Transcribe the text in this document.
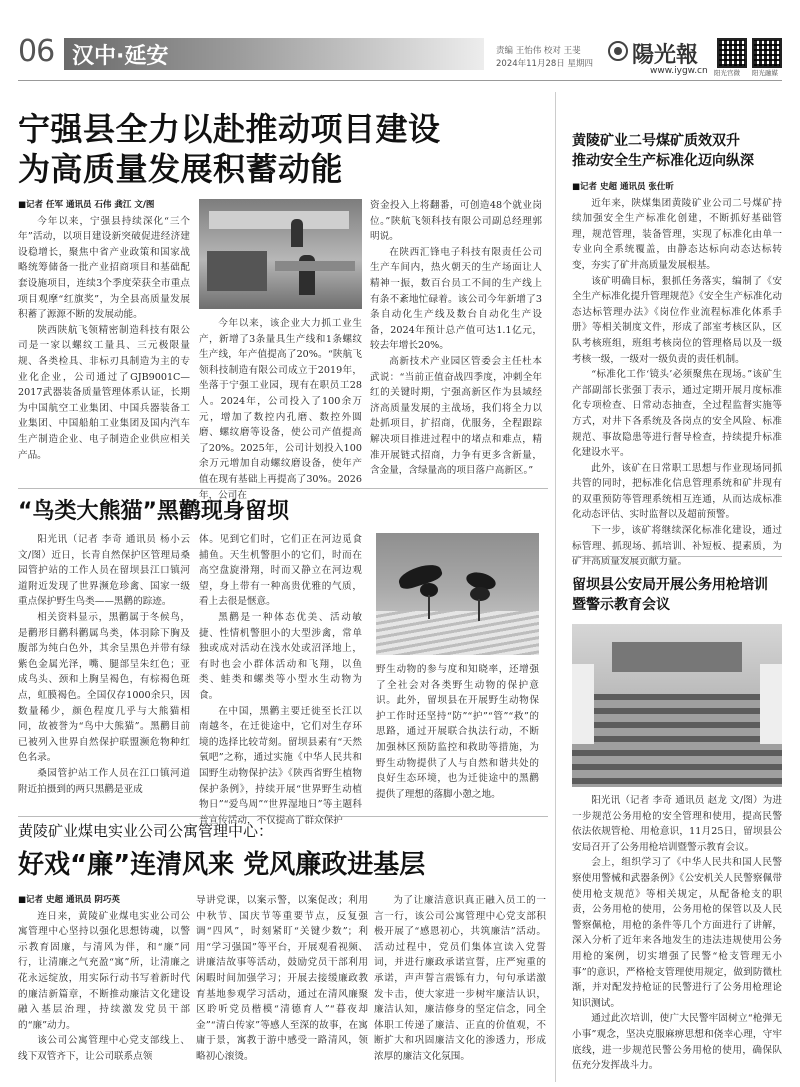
06 汉中·延安	责编 王怡伟 校对 王斐
2024年11月28日 星期四 陽光報
www.iygw.cn 阳光官微 阳光融媒
宁强县全力以赴推动项目建设
为高质量发展积蓄动能

■记者 任军 通讯员 石伟 龚江 文/图

今年以来，宁强县持续深化“三个年”活动，以项目建设新突破促进经济建设稳增长，聚焦中省产业政策和国家战略统筹储备一批产业招商项目和基础配套设施项目，连续3个季度荣获全市重点项目观摩“红旗奖”，为全县高质量发展积蓄了源源不断的发展动能。

陕西陕航飞领精密制造科技有限公司是一家以螺纹工量具、三元极限量规、各类检具、非标刃具制造为主的专业化企业，公司通过了GJB9001C—2017武器装备质量管理体系认证，长期为中国航空工业集团、中国兵器装备工业集团、中国船舶工业集团及国内汽车生产制造企业、电子制造企业供应相关产品。

今年以来，该企业大力抓工业生产，新增了3条量具生产线和1条螺纹生产线，年产值提高了20%。“陕航飞领科技制造有限公司成立于2019年，坐落于宁强工业园，现有在职员工28人。2024年，公司投入了100余万元，增加了数控内孔磨、数控外圆磨、螺纹磨等设备，使公司产值提高了20%。2025年，公司计划投入100余万元增加自动螺纹磨设备，使年产值在现有基础上再提高了30%。2026年，公司在

资金投入上将翻番，可创造48个就业岗位。”陕航飞领科技有限公司副总经理郭明说。

在陕西汇锋电子科技有限责任公司生产车间内，热火朝天的生产场面让人精神一振，数百台员工不间的生产线上有条不紊地忙碌着。该公司今年新增了3条自动化生产线及数台自动化生产设备，2024年预计总产值可达1.1亿元，较去年增长20%。

高新技术产业园区管委会主任杜本武说：“当前正值奋战四季度，冲刺全年红的关键时期，宁强高新区作为县域经济高质量发展的主战场，我们将全力以赴抓项目，扩招商，优服务，全程跟踪解决项目推进过程中的堵点和难点，精准开展链式招商，力争有更多含新量，含金量，含绿量高的项目落户高新区。”

“鸟类大熊猫”黑鹳现身留坝

阳光讯（记者 李奇 通讯员 杨小云 文/图）近日，长青自然保护区管理局桑园管护站的工作人员在留坝县江口镇河道附近发现了世界濒危珍禽、国家一级重点保护野生鸟类——黑鹳的踪迹。

相关资料显示，黑鹳属于冬候鸟，是鹳形目鹳科鹳属鸟类，体羽除下胸及腹部为纯白色外，其余呈黑色并带有绿紫色金属光泽，嘴、腿部呈朱红色；亚成鸟头、颈和上胸呈褐色，有棕褐色斑点，虹膜褐色。全国仅存1000余只，因数量稀少，颜色程度几乎与大熊猫相同，故被誉为“鸟中大熊猫”。黑鹳目前已被列入世界自然保护联盟濒危物种红色名录。

桑园管护站工作人员在江口镇河道附近拍摄到的两只黑鹳是亚成

体。见到它们时，它们正在河边觅食捕鱼。天生机警胆小的它们，时而在高空盘旋滑翔，时而又静立在河边观望，身上带有一种高贵优雅的气质，看上去很是惬意。

黑鹳是一种体态优美、活动敏捷、性情机警胆小的大型涉禽，常单独或成对活动在浅水处或沼泽地上，有时也会小群体活动和飞翔，以鱼类、蛙类和螺类等小型水生动物为食。

在中国，黑鹳主要迁徙至长江以南越冬，在迁徙途中，它们对生存环境的选择比较苛刻。留坝县素有“天然氧吧”之称，通过实施《中华人民共和国野生动物保护法》《陕西省野生植物保护条例》，持续开展“世界野生动植物日”“爱鸟周”“世界湿地日”等主题科普宣传活动，不仅提高了群众保护

野生动物的参与度和知晓率，还增强了全社会对各类野生动物的保护意识。此外，留坝县在开展野生动物保护工作时还坚持“防”“护”“管”“救”的思路，通过开展联合执法行动，不断加强林区预防监控和救助等措施，为野生动物提供了人与自然和谐共处的良好生态环境，也为迁徙途中的黑鹳提供了理想的落脚小憩之地。

黄陵矿业煤电实业公司公寓管理中心：
好戏“廉”连清风来 党风廉政进基层

■记者 史超 通讯员 阴巧英

连日来，黄陵矿业煤电实业公司公寓管理中心坚持以强化思想铸魂，以警示教育固廉，与清风为伴，和“廉”同行，让清廉之气充盈“寓”所，让清廉之花永远绽放，用实际行动书写着新时代的廉洁新篇章，不断推动廉洁文化建设融入基层治理，持续激发党员干部的“廉”动力。

该公司公寓管理中心党支部线上、线下双管齐下，让公司联系点领

导讲党课，以案示警，以案促改；利用中秋节、国庆节等重要节点，反复强调“四风”，时刻紧盯“关键少数”；利用“学习强国”等平台，开展观看视频、讲廉洁故事等活动，鼓励党员干部利用闲暇时间加强学习；开展去接缓廉政教育基地参观学习活动，通过在清风廉聚区聆听党员楷模“清德育人”“暮夜却金”“清白传家”等感人至深的故事，在寓庸于景，寓教于游中感受一路清风，领略初心滚烫。

为了让廉洁意识真正融入员工的一言一行，该公司公寓管理中心党支部积极开展了“感恩初心，共筑廉洁”活动。活动过程中，党员们集体宣读入党誓词，并进行廉政承诺宣誓，庄严宛重的承诺，声声誓言震铄有力，句句承诺激发卡击，使大家进一步树牢廉洁认识，廉洁认知，廉洁修身的坚定信念，同全体职工传递了廉洁、正直的价值观，不断扩大和巩固廉洁文化的渗透力，形成浓厚的廉洁文化氛围。

黄陵矿业二号煤矿质效双升
推动安全生产标准化迈向纵深

■记者 史超 通讯员 张仕昕

近年来，陕煤集团黄陵矿业公司二号煤矿持续加强安全生产标准化创建，不断抓好基础管理，规范管理，装备管理，实现了标准化由单一专业向全系统覆盖，由静态达标向动态达标转变，夯实了矿井高质量发展根基。

该矿明确目标，狠抓任务落实，编制了《安全生产标准化提升管理规范》《安全生产标准化动态达标管理办法》《岗位作业流程标准化体系手册》等相关制度文件，形成了部室考核区队，区队考核班组，班组考核岗位的管理格局以及一级考核一级，一级对一级负责的责任机制。

“标准化工作‘镜头’必须聚焦在现场。”该矿生产部副部长张强丁表示，通过定期开展月度标准化专项检查、日常动态抽查，全过程监督实施等方式，对井下各系统及各岗点的安全风险、标准规范、事故隐患等进行督导检查，持续提升标准化建设水平。

此外，该矿在日常职工思想与作业现场同抓共管的同时，把标准化信息管理系统和矿井现有的双重预防等管理系统相互连通，从而达成标准化动态评估、实时监督以及超前预警。

下一步，该矿将继续深化标准化建设，通过标管理、抓现场、抓培训、补短板、提素质，为矿井高质量发展贡献力量。

留坝县公安局开展公务用枪培训
暨警示教育会议

阳光讯（记者 李奇 通讯员 赵龙 文/图）为进一步规范公务用枪的安全管理和使用，提高民警依法依规管枪、用枪意识，11月25日，留坝县公安局召开了公务用枪培训暨警示教育会议。

会上，组织学习了《中华人民共和国人民警察使用警械和武器条例》《公安机关人民警察佩带使用枪支规范》等相关规定，从配备枪支的职责，公务用枪的使用，公务用枪的保管以及人民警察佩枪，用枪的条件等几个方面进行了讲解，深入分析了近年来各地发生的违法违规使用公务用枪的案例，切实增强了民警“枪支管理无小事”的意识，严格枪支管理使用规定，做到防微杜渐，并对配发持枪证的民警进行了公务用枪理论知识测试。

通过此次培训，使广大民警牢固树立“枪弹无小事”观念，坚决克服麻痹思想和侥幸心理，守牢底线，进一步规范民警公务用枪的使用，确保队伍充分发挥战斗力。
